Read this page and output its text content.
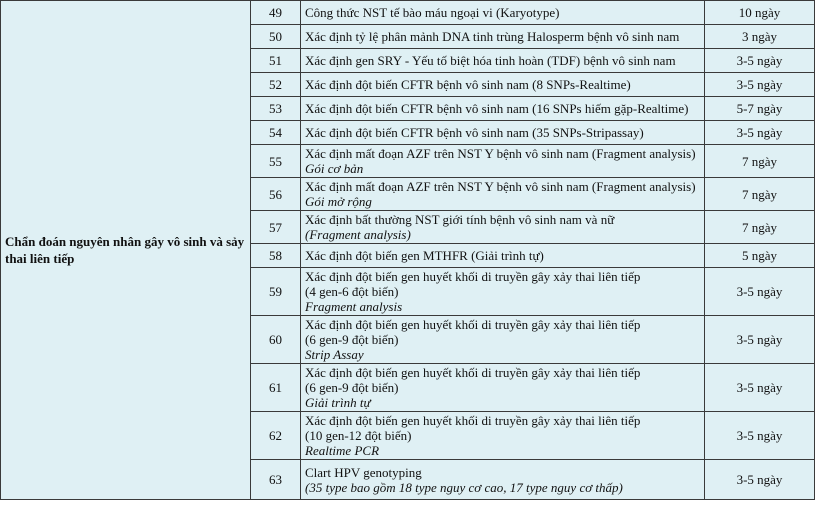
Chẩn đoán nguyên nhân gây vô sinh và sảy thai liên tiếp	49	Công thức NST tế bào máu ngoại vi (Karyotype)	10 ngày
	50	Xác định tỷ lệ phân mảnh DNA tinh trùng Halosperm bệnh vô sinh nam	3 ngày
	51	Xác định gen SRY - Yếu tố biệt hóa tinh hoàn (TDF) bệnh vô sinh nam	3-5 ngày
	52	Xác định đột biến CFTR bệnh vô sinh nam (8 SNPs-Realtime)	3-5 ngày
	53	Xác định đột biến CFTR bệnh vô sinh nam (16 SNPs hiếm gặp-Realtime)	5-7 ngày
	54	Xác định đột biến CFTR bệnh vô sinh nam (35 SNPs-Stripassay)	3-5 ngày
	55	Xác định mất đoạn AZF trên NST Y bệnh vô sinh nam (Fragment analysis)
Gói cơ bản	7 ngày
	56	Xác định mất đoạn AZF trên NST Y bệnh vô sinh nam (Fragment analysis)
Gói mở rộng	7 ngày
	57	Xác định bất thường NST giới tính bệnh vô sinh nam và nữ
(Fragment analysis)	7 ngày
	58	Xác định đột biến gen MTHFR (Giải trình tự)	5 ngày
	59	Xác định đột biến gen huyết khối di truyền gây xảy thai liên tiếp
(4 gen-6 đột biến)
Fragment analysis	3-5 ngày
	60	Xác định đột biến gen huyết khối di truyền gây xảy thai liên tiếp
(6 gen-9 đột biến)
Strip Assay	3-5 ngày
	61	Xác định đột biến gen huyết khối di truyền gây xảy thai liên tiếp
(6 gen-9 đột biến)
Giải trình tự	3-5 ngày
	62	Xác định đột biến gen huyết khối di truyền gây xảy thai liên tiếp
(10 gen-12 đột biến)
Realtime PCR	3-5 ngày
	63	Clart HPV genotyping
(35 type bao gồm 18 type nguy cơ cao, 17 type nguy cơ thấp)	3-5 ngày
